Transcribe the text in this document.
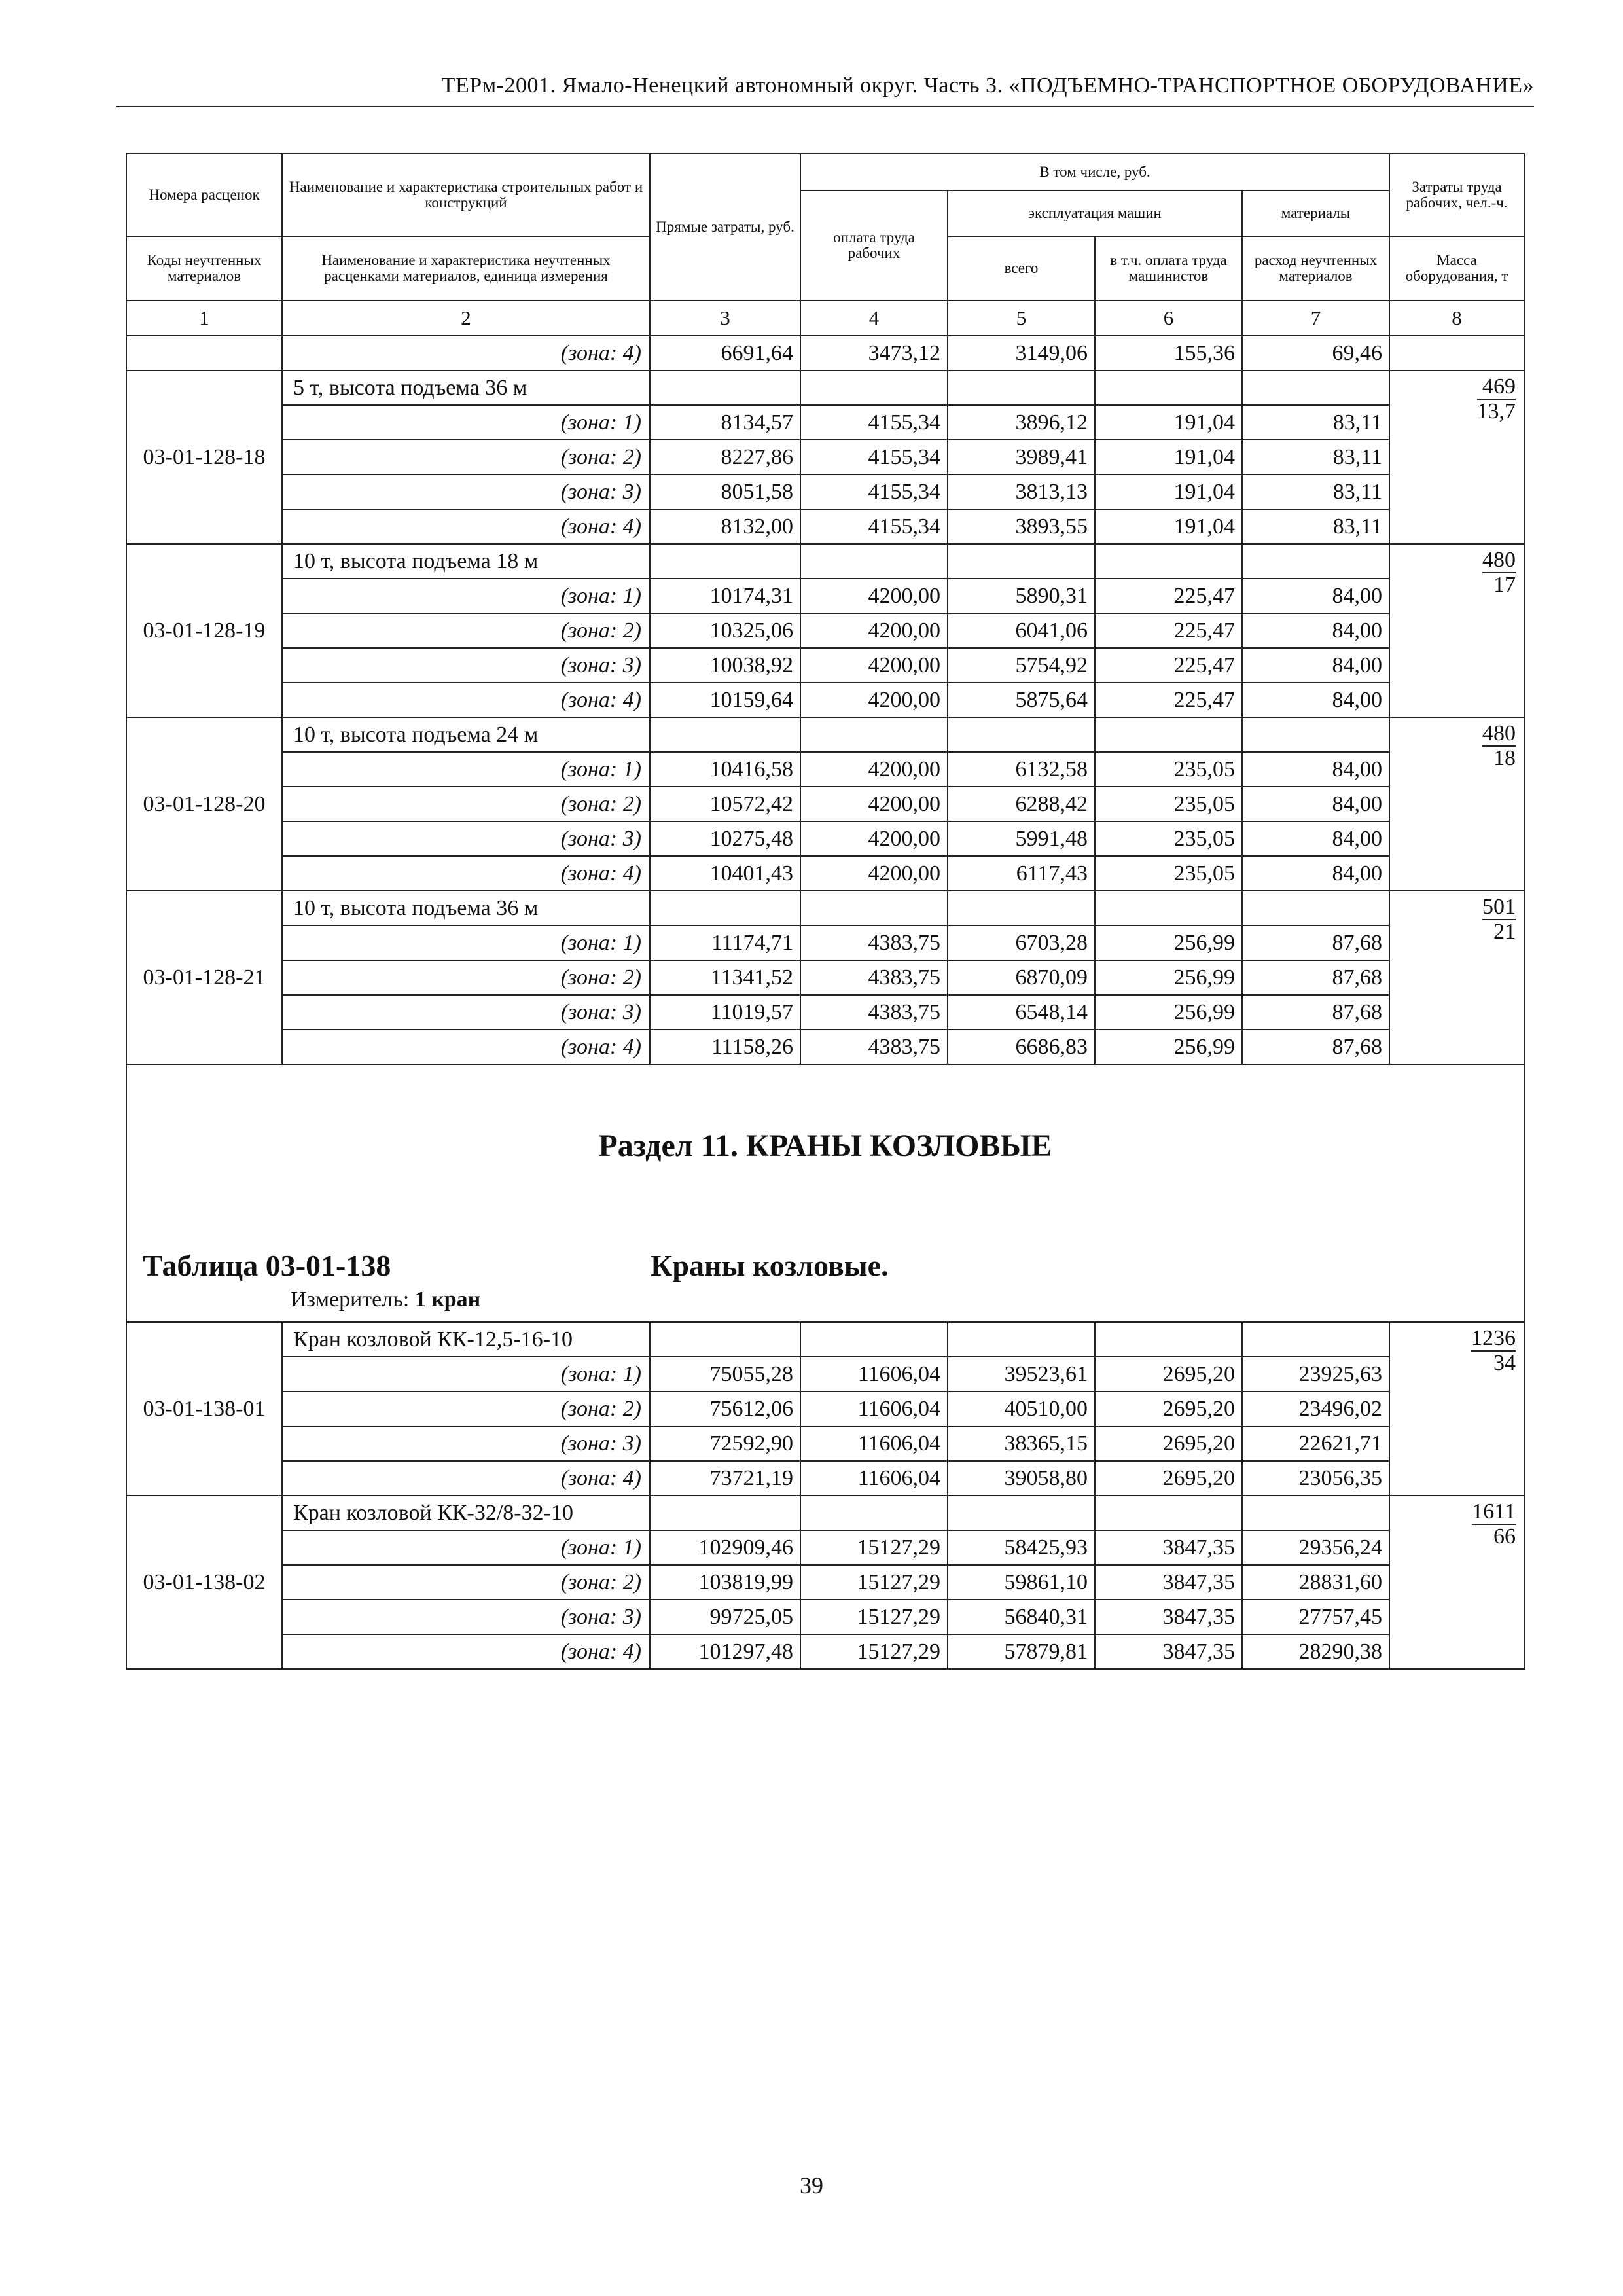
ТЕРм-2001. Ямало-Ненецкий автономный округ. Часть 3. «ПОДЪЕМНО-ТРАНСПОРТНОЕ ОБОРУДОВАНИЕ»
Номера расценок	Наименование и характеристика строительных работ и конструкций	Прямые затраты, руб.	В том числе, руб.				Затраты труда рабочих, чел.-ч.
			оплата труда рабочих	эксплуатация машин		материалы	
Коды неучтенных материалов	Наименование и характеристика неучтенных расценками материалов, единица измерения			всего	в т.ч. оплата труда машинистов	расход неучтенных материалов	Масса оборудования, т
1	2	3	4	5	6	7	8
	(зона: 4)	6691,64	3473,12	3149,06	155,36	69,46	
03-01-128-18	5 т, высота подъема 36 м						$\frac{469}{13,7}$

	(зона: 1)	8134,57	4155,34	3896,12	191,04	83,11	
	(зона: 2)	8227,86	4155,34	3989,41	191,04	83,11	
	(зона: 3)	8051,58	4155,34	3813,13	191,04	83,11	
	(зона: 4)	8132,00	4155,34	3893,55	191,04	83,11	
03-01-128-19	10 т, высота подъема 18 м						$\frac{480}{17}$

	(зона: 1)	10174,31	4200,00	5890,31	225,47	84,00	
	(зона: 2)	10325,06	4200,00	6041,06	225,47	84,00	
	(зона: 3)	10038,92	4200,00	5754,92	225,47	84,00	
	(зона: 4)	10159,64	4200,00	5875,64	225,47	84,00	
03-01-128-20	10 т, высота подъема 24 м						$\frac{480}{18}$

	(зона: 1)	10416,58	4200,00	6132,58	235,05	84,00	
	(зона: 2)	10572,42	4200,00	6288,42	235,05	84,00	
	(зона: 3)	10275,48	4200,00	5991,48	235,05	84,00	
	(зона: 4)	10401,43	4200,00	6117,43	235,05	84,00	
03-01-128-21	10 т, высота подъема 36 м						$\frac{501}{21}$

	(зона: 1)	11174,71	4383,75	6703,28	256,99	87,68	
	(зона: 2)	11341,52	4383,75	6870,09	256,99	87,68	
	(зона: 3)	11019,57	4383,75	6548,14	256,99	87,68	
	(зона: 4)	11158,26	4383,75	6686,83	256,99	87,68	

Раздел 11. КРАНЫ КОЗЛОВЫЕ
Таблица 03-01-138 Краны козловые.
Измеритель: 1 кран							

03-01-138-01	Кран козловой КК-12,5-16-10						$\frac{1236}{34}$

	(зона: 1)	75055,28	11606,04	39523,61	2695,20	23925,63	
	(зона: 2)	75612,06	11606,04	40510,00	2695,20	23496,02	
	(зона: 3)	72592,90	11606,04	38365,15	2695,20	22621,71	
	(зона: 4)	73721,19	11606,04	39058,80	2695,20	23056,35	
03-01-138-02	Кран козловой КК-32/8-32-10						$\frac{1611}{66}$

	(зона: 1)	102909,46	15127,29	58425,93	3847,35	29356,24	
	(зона: 2)	103819,99	15127,29	59861,10	3847,35	28831,60	
	(зона: 3)	99725,05	15127,29	56840,31	3847,35	27757,45	
	(зона: 4)	101297,48	15127,29	57879,81	3847,35	28290,38	
39
